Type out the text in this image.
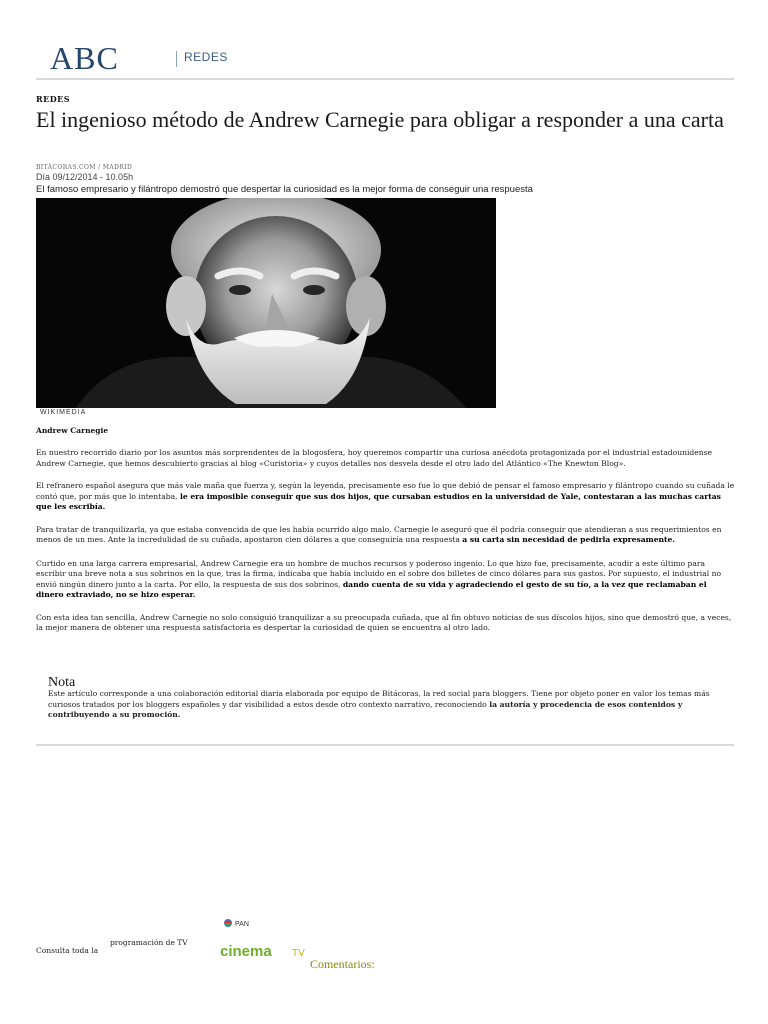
ABC	REDES
REDES
El ingenioso método de Andrew Carnegie para obligar a responder a una carta
BITÁCORAS.COM / MADRID
Día 09/12/2014 - 10.05h
El famoso empresario y filántropo demostró que despertar la curiosidad es la mejor forma de conseguir una respuesta
WIKIMEDIA
Andrew Carnegie

En nuestro recorrido diario por los asuntos más sorprendentes de la blogosfera, hoy queremos compartir una curiosa anécdota protagonizada por el industrial estadounidense Andrew Carnegie, que hemos descubierto gracias al blog «Curistoria» y cuyos detalles nos desvela desde el otro lado del Atlántico «The Knewton Blog».

El refranero español asegura que más vale maña que fuerza y, según la leyenda, precisamente eso fue lo que debió de pensar el famoso empresario y filántropo cuando su cuñada le contó que, por más que lo intentaba, le era imposible conseguir que sus dos hijos, que cursaban estudios en la universidad de Yale, contestaran a las muchas cartas que les escribía.

Para tratar de tranquilizarla, ya que estaba convencida de que les había ocurrido algo malo, Carnegie le aseguró que él podría conseguir que atendieran a sus requerimientos en menos de un mes. Ante la incredulidad de su cuñada, apostaron cien dólares a que conseguiría una respuesta a su carta sin necesidad de pedirla expresamente.

Curtido en una larga carrera empresarial, Andrew Carnegie era un hombre de muchos recursos y poderoso ingenio. Lo que hizo fue, precisamente, acudir a este último para escribir una breve nota a sus sobrinos en la que, tras la firma, indicaba que había incluido en el sobre dos billetes de cinco dólares para sus gastos. Por supuesto, el industrial no envió ningún dinero junto a la carta. Por ello, la respuesta de sus dos sobrinos, dando cuenta de su vida y agradeciendo el gesto de su tío, a la vez que reclamaban el dinero extraviado, no se hizo esperar.

Con esta idea tan sencilla, Andrew Carnegie no solo consiguió tranquilizar a su preocupada cuñada, que al fin obtuvo noticias de sus díscolos hijos, sino que demostró que, a veces, la mejor manera de obtener una respuesta satisfactoria es despertar la curiosidad de quien se encuentra al otro lado.

Nota

Este artículo corresponde a una colaboración editorial diaria elaborada por equipo de Bitácoras, la red social para bloggers. Tiene por objeto poner en valor los temas más curiosos tratados por los bloggers españoles y dar visibilidad a estos desde otro contexto narrativo, reconociendo la autoría y procedencia de esos contenidos y contribuyendo a su promoción.

PAN
Consulta toda la
programación de TV
cinema TV
Comentarios:
